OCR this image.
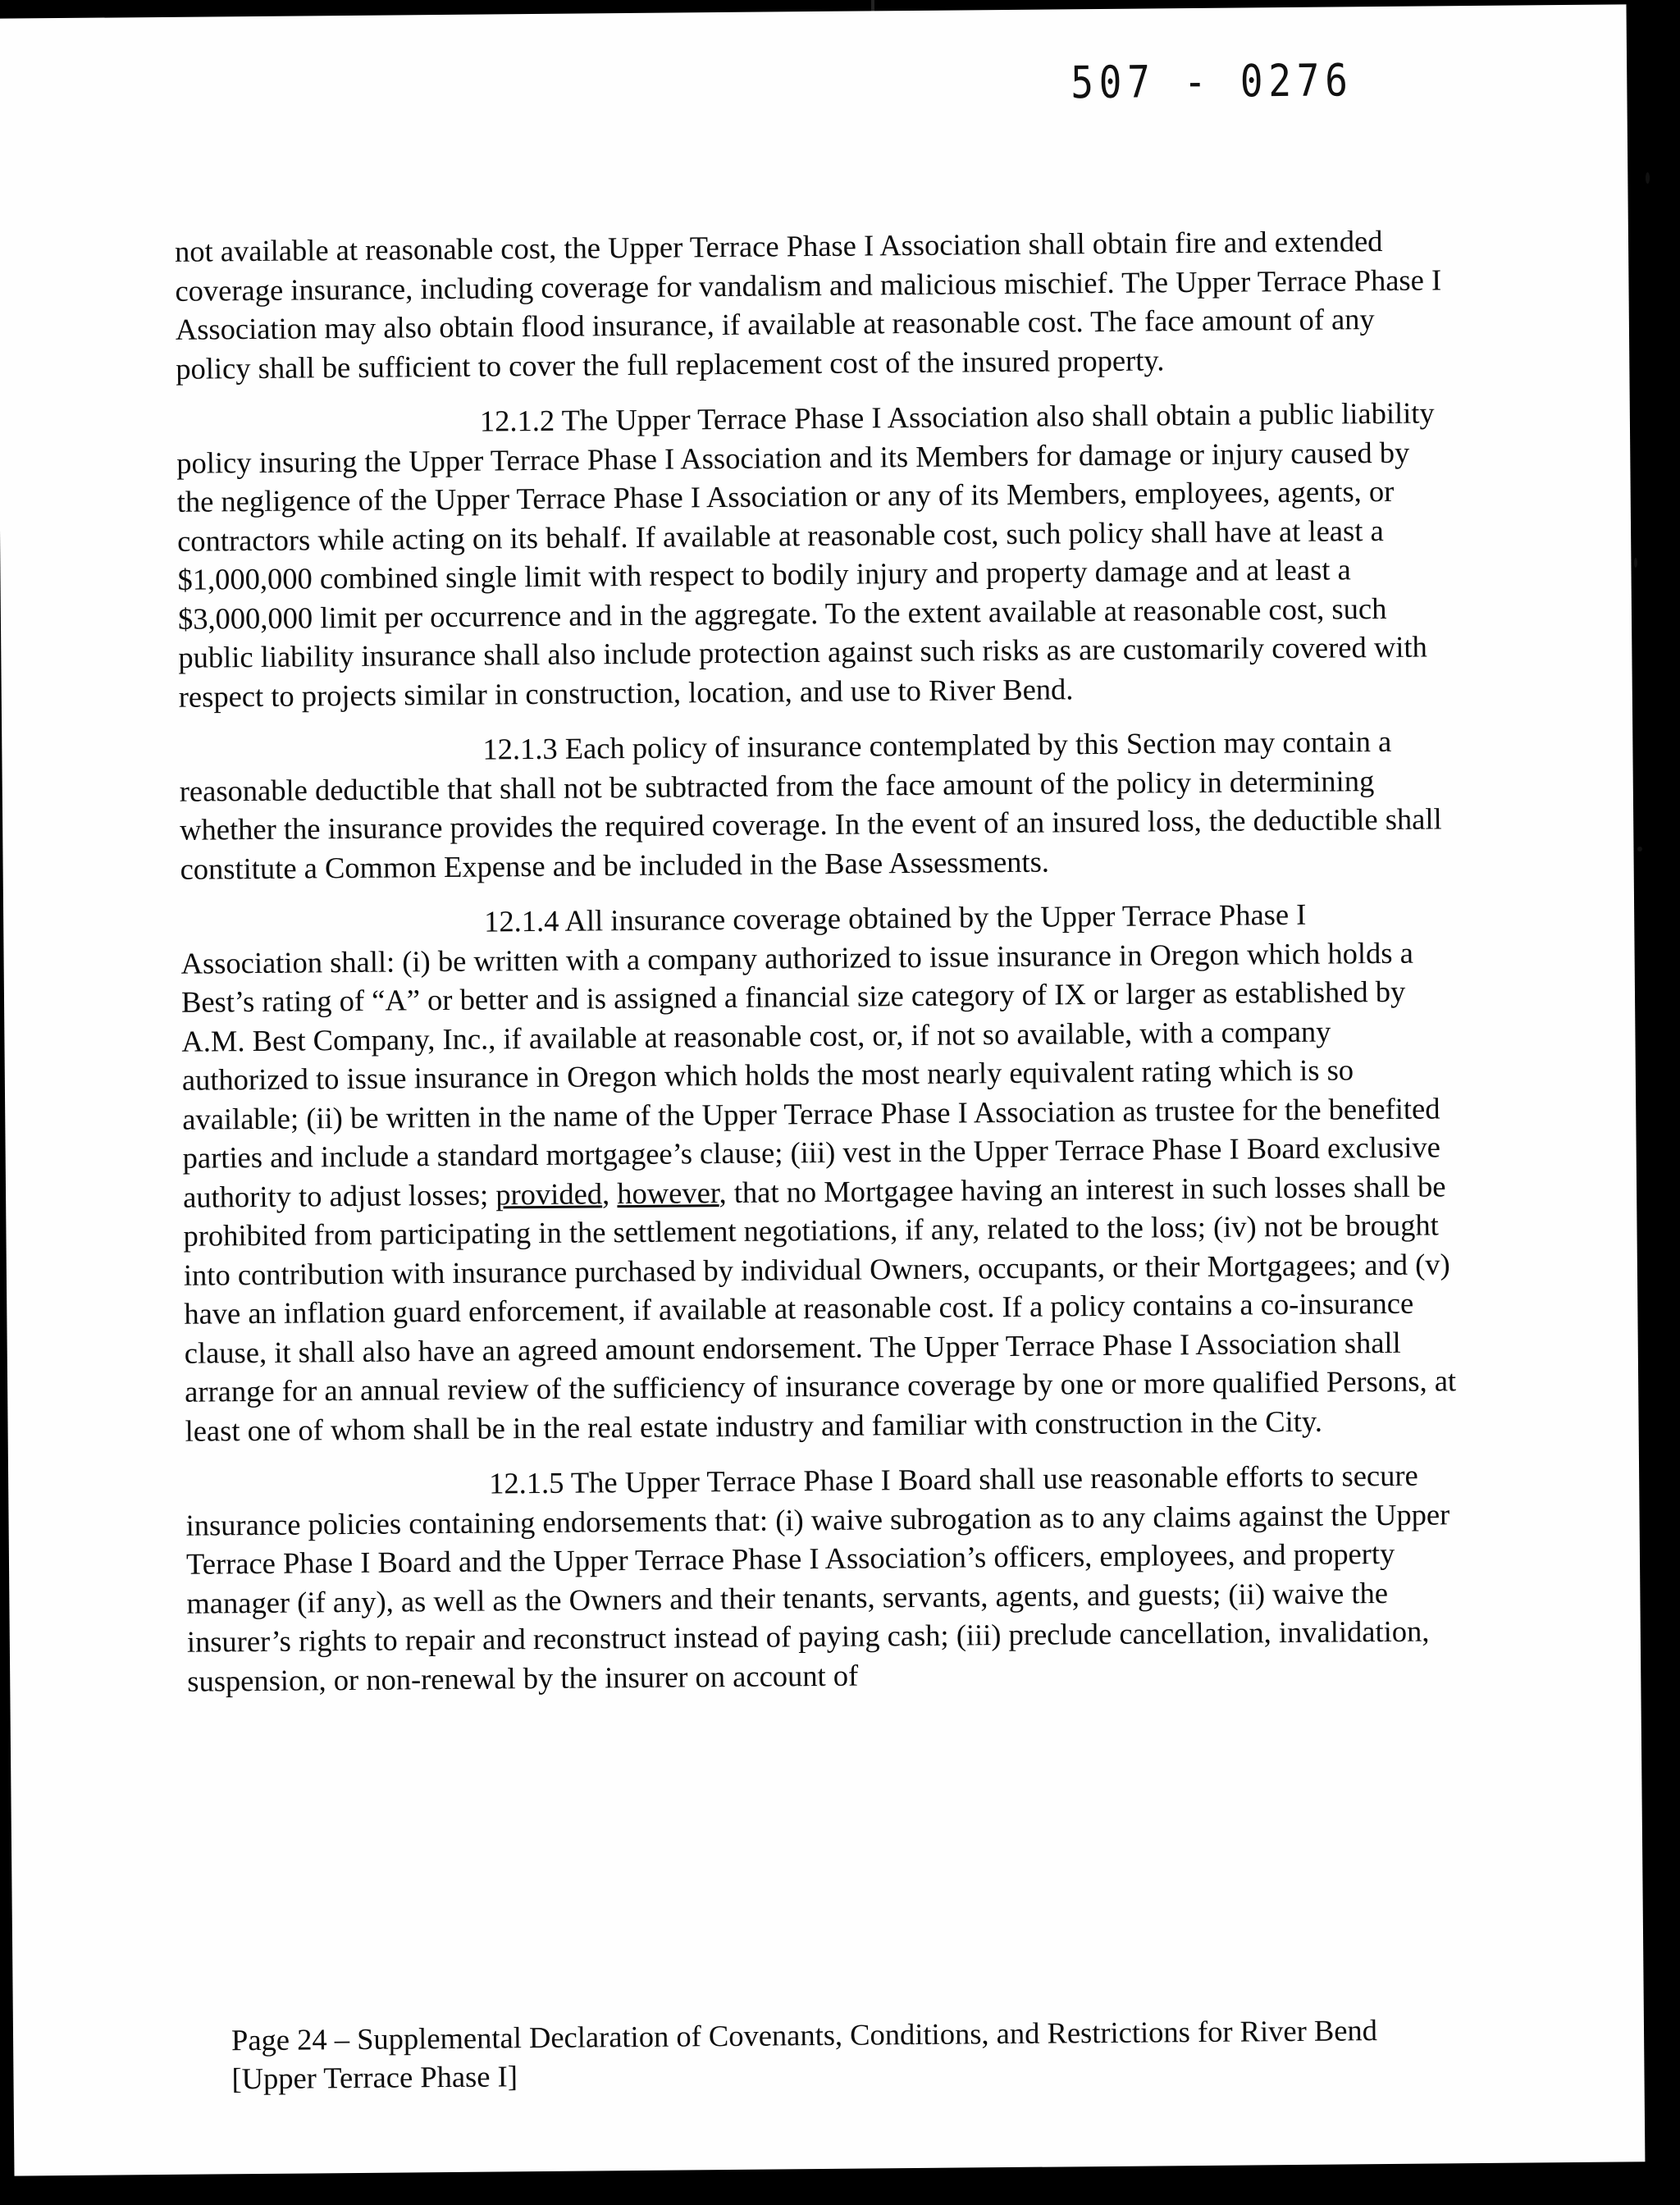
507 - 0276

not available at reasonable cost, the Upper Terrace Phase I Association shall obtain fire and extended coverage insurance, including coverage for vandalism and malicious mischief. The Upper Terrace Phase I Association may also obtain flood insurance, if available at reasonable cost. The face amount of any policy shall be sufficient to cover the full replacement cost of the insured property.

12.1.2 The Upper Terrace Phase I Association also shall obtain a public liability policy insuring the Upper Terrace Phase I Association and its Members for damage or injury caused by the negligence of the Upper Terrace Phase I Association or any of its Members, employees, agents, or contractors while acting on its behalf. If available at reasonable cost, such policy shall have at least a $1,000,000 combined single limit with respect to bodily injury and property damage and at least a $3,000,000 limit per occurrence and in the aggregate. To the extent available at reasonable cost, such public liability insurance shall also include protection against such risks as are customarily covered with respect to projects similar in construction, location, and use to River Bend.

12.1.3 Each policy of insurance contemplated by this Section may contain a reasonable deductible that shall not be subtracted from the face amount of the policy in determining whether the insurance provides the required coverage. In the event of an insured loss, the deductible shall constitute a Common Expense and be included in the Base Assessments.

12.1.4 All insurance coverage obtained by the Upper Terrace Phase I Association shall: (i) be written with a company authorized to issue insurance in Oregon which holds a Best’s rating of “A” or better and is assigned a financial size category of IX or larger as established by A.M. Best Company, Inc., if available at reasonable cost, or, if not so available, with a company authorized to issue insurance in Oregon which holds the most nearly equivalent rating which is so available; (ii) be written in the name of the Upper Terrace Phase I Association as trustee for the benefited parties and include a standard mortgagee’s clause; (iii) vest in the Upper Terrace Phase I Board exclusive authority to adjust losses; provided, however, that no Mortgagee having an interest in such losses shall be prohibited from participating in the settlement negotiations, if any, related to the loss; (iv) not be brought into contribution with insurance purchased by individual Owners, occupants, or their Mortgagees; and (v) have an inflation guard enforcement, if available at reasonable cost. If a policy contains a co-insurance clause, it shall also have an agreed amount endorsement. The Upper Terrace Phase I Association shall arrange for an annual review of the sufficiency of insurance coverage by one or more qualified Persons, at least one of whom shall be in the real estate industry and familiar with construction in the City.

12.1.5 The Upper Terrace Phase I Board shall use reasonable efforts to secure insurance policies containing endorsements that: (i) waive subrogation as to any claims against the Upper Terrace Phase I Board and the Upper Terrace Phase I Association’s officers, employees, and property manager (if any), as well as the Owners and their tenants, servants, agents, and guests; (ii) waive the insurer’s rights to repair and reconstruct instead of paying cash; (iii) preclude cancellation, invalidation, suspension, or non-renewal by the insurer on account of

Page 24 – Supplemental Declaration of Covenants, Conditions, and Restrictions for River Bend
[Upper Terrace Phase I]
